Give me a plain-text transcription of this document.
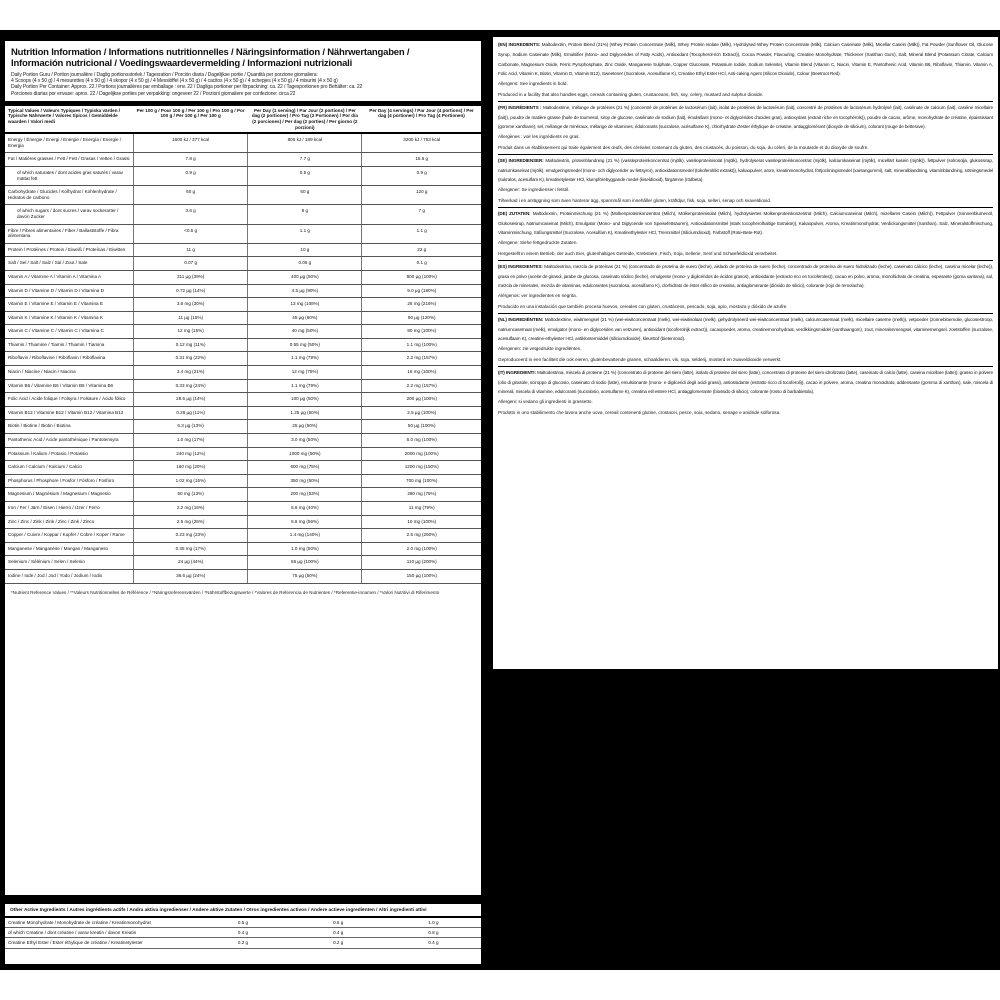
Nutrition Information / Informations nutritionnelles / Näringsinformation / Nährwertangaben /
Información nutricional / Voedingswaardevermelding / Informazioni nutrizionali
Daily Portion Guru / Portion journalière / Daglig portionsstorlek / Tagesration / Porción diaria / Dagelijkse portie / Quantità per porzione giornaliera:
4 Scoops (4 x 50 g) / 4 mesurettes (4 x 50 g) / 4 skopor (4 x 50 g) / 4 Messlöffel (4 x 50 g) / 4 cacitos (4 x 50 g) / 4 schepjes (4 x 50 g) / 4 misurini (4 x 50 g)
Daily Portion Per Container: Approx. 22 / Portions journalières par emballage : env. 22 / Dagliga portioner per förpackning: ca. 22 / Tagesportionen pro Behälter: ca. 22
Porciones diarias por envase: aprox. 22 / Dagelijkse porties per verpakking: ongeveer 22 / Porzioni giornaliere per confezione: circa 22
Typical Values / Valeurs Typiques / Typiska värden / Typische Nährwerte / Valores típicos / Gemiddelde waarden / Valori medi	Per 100 g / Pour 100 g / Per 100 g / Pro 100 g / Por 100 g / Per 100 g / Per 100 g	Per Day (1 serving) / Par Jour (2 portions) / Per dag (2 portioner) / Pro Tag (2 Portionen) / Por día (2 porciones) / Per dag (2 porties) / Per giorno (2 porzioni)	Per Day (4 servings) / Par Jour (4 portions) / Per dag (4 portioner) / Pro Tag (4 Portionen)
Energy / Énergie / Energi / Energie / Energía / Energie / Energia	1600 kJ / 377 kcal	800 kJ / 189 kcal	3200 kJ / 753 kcal
Fat / Matières grasses / Fett / Fett / Grasas / Vetten / Grassi	7.8 g	7.7 g	15.6 g
of which saturates / dont acides gras saturés / varav mättat fett	0.9 g	0.5 g	0.9 g
Carbohydrate / Glucides / Kolhydrat / Kohlenhydrate / Hidratos de carbono	60 g	60 g	120 g
of which sugars / dont sucres / varav sockerarter / davon Zucker	3.6 g	8 g	7 g
Fibre / Fibres alimentaires / Fiber / Ballaststoffe / Fibra alimentaria	<0.5 g	1.1 g	1.1 g
Protein / Protéines / Protein / Eiweiß / Proteínas / Eiwitten	11 g	10 g	22 g
Salt / Sel / Salt / Salz / Sal / Zout / Sale	0.07 g	0.05 g	0.1 g
Vitamin A / Vitamine A / Vitamin A / Vitamina A	311 µg (39%)	400 µg (50%)	800 µg (100%)
Vitamin D / Vitamine D / Vitamin D / Vitamina D	0.72 µg (14%)	4.5 µg (90%)	9.0 µg (180%)
Vitamin E / Vitamine E / Vitamin E / Vitamina E	3.6 mg (30%)	13 mg (108%)	26 mg (216%)
Vitamin K / Vitamine K / Vitamin K / Vitamina K	11 µg (15%)	45 µg (60%)	90 µg (120%)
Vitamin C / Vitamine C / Vitamin C / Vitamina C	12 mg (15%)	40 mg (50%)	80 mg (100%)
Thiamin / Thiamine / Tiamin / Thiamin / Tiamina	0.12 mg (11%)	0.55 mg (50%)	1.1 mg (100%)
Riboflavin / Riboflavine / Riboflavin / Riboflavina	0.31 mg (22%)	1.1 mg (79%)	2.2 mg (157%)
Niacin / Niacine / Niacin / Niacina	3.4 mg (21%)	12 mg (75%)	16 mg (100%)
Vitamin B6 / Vitamine B6 / Vitamin B6 / Vitamina B6	0.33 mg (24%)	1.1 mg (79%)	2.2 mg (157%)
Folic Acid / Acide folique / Folsyra / Folsäure / Ácido fólico	28.5 µg (14%)	100 µg (50%)	200 µg (100%)
Vitamin B12 / Vitamine B12 / Vitamin B12 / Vitamina B12	0.28 µg (11%)	1.25 µg (50%)	2.5 µg (100%)
Biotin / Biotine / Biotin / Biotina	6.3 µg (13%)	25 µg (50%)	50 µg (100%)
Pantothenic Acid / Acide pantothénique / Pantotensyra	1.0 mg (17%)	3.0 mg (50%)	6.0 mg (100%)
Potassium / Kalium / Potasio / Potassio	240 mg (12%)	1000 mg (50%)	2000 mg (100%)
Calcium / Calcium / Kalcium / Calcio	160 mg (20%)	600 mg (75%)	1200 mg (150%)
Phosphorus / Phosphore / Fosfor / Fósforo / Fosforo	1.02 mg (15%)	350 mg (50%)	700 mg (100%)
Magnesium / Magnésium / Magnesium / Magnesio	50 mg (13%)	200 mg (53%)	280 mg (75%)
Iron / Fer / Järn / Eisen / Hierro / IJzer / Ferro	2.2 mg (16%)	5.6 mg (40%)	11 mg (79%)
Zinc / Zinc / Zink / Zink / Zinc / Zink / Zinco	2.5 mg (25%)	5.6 mg (56%)	10 mg (100%)
Copper / Cuivre / Koppar / Kupfer / Cobre / Koper / Rame	0.23 mg (23%)	1.4 mg (140%)	2.5 mg (250%)
Manganese / Manganèse / Mangan / Manganeso	0.35 mg (17%)	1.0 mg (50%)	2.0 mg (100%)
Selenium / Sélénium / Selen / Selenio	24 µg (44%)	55 µg (100%)	110 µg (200%)
Iodine / Iode / Jod / Jod / Yodo / Jodium / Iodio	36.6 µg (24%)	75 µg (50%)	150 µg (100%)
*Nutrient Reference Values / **Valeurs Nutritionnelles de Référence / *Näringsreferensvärden / *Nährstoffbezugswerte / *Valores de Referencia de Nutrientes / *Referentie-innamen / *Valori Nutritivi di Riferimento
Other Active Ingredients / Autres ingrédients actifs / Andra aktiva ingredienser / Andere aktive Zutaten / Otros ingredientes activos / Andere actieve ingrediënten / Altri ingredienti attivi
Creatine Monohydrate / Monohydrate de créatine / Kreatinmonohydrat	0.5 g	0.5 g	1.0 g
of which Creatine / dont créatine / varav kreatin / davon Kreatin	0.4 g	0.4 g	0.8 g
Creatine Ethyl Ester / Ester éthylique de créatine / Kreatinetylester	0.2 g	0.2 g	0.4 g

(EN) INGREDIENTS: Maltodextrin, Protein Blend (21%) (Whey Protein Concentrate (Milk), Whey Protein Isolate (Milk), Hydrolysed Whey Protein Concentrate (Milk), Calcium Caseinate (Milk), Micellar Casein (Milk)), Fat Powder (Sunflower Oil, Glucose Syrup, Sodium Caseinate (Milk), Emulsifier (Mono- and Diglycerides of Fatty Acids), Antioxidant (Tocopherol-rich Extract)), Cocoa Powder, Flavouring, Creatine Monohydrate, Thickener (Xanthan Gum), Salt, Mineral Blend (Potassium Citrate, Calcium Carbonate, Magnesium Oxide, Ferric Pyrophosphate, Zinc Oxide, Manganese Sulphate, Copper Gluconate, Potassium Iodide, Sodium Selenite), Vitamin Blend (Vitamin C, Niacin, Vitamin E, Pantothenic Acid, Vitamin B6, Riboflavin, Thiamin, Vitamin A, Folic Acid, Vitamin K, Biotin, Vitamin D, Vitamin B12), Sweetener (Sucralose, Acesulfame K), Creatine Ethyl Ester HCl, Anti-caking Agent (Silicon Dioxide), Colour (Beetroot Red).

Allergens: See ingredients in bold.
Produced in a facility that also handles eggs, cereals containing gluten, crustaceans, fish, soy, celery, mustard and sulphur dioxide.

(FR) INGRÉDIENTS : Maltodextrine, mélange de protéines (21 %) (concentré de protéines de lactosérum (lait), isolat de protéines de lactosérum (lait), concentré de protéines de lactosérum hydrolysé (lait), caséinate de calcium (lait), caséine micellaire (lait)), poudre de matière grasse (huile de tournesol, sirop de glucose, caséinate de sodium (lait), émulsifiant (mono- et diglycérides d'acides gras), antioxydant (extrait riche en tocophérols)), poudre de cacao, arôme, monohydrate de créatine, épaississant (gomme xanthane), sel, mélange de minéraux, mélange de vitamines, édulcorants (sucralose, acésulfame K), chlorhydrate d'ester éthylique de créatine, antiagglomérant (dioxyde de silicium), colorant (rouge de betterave).

Allergènes : voir les ingrédients en gras.
Produit dans un établissement qui traite également des œufs, des céréales contenant du gluten, des crustacés, du poisson, du soja, du céleri, de la moutarde et du dioxyde de soufre.

(SE) INGREDIENSER: Maltodextrin, proteinblandning (21 %) (vassleproteinkoncentrat (mjölk), vassleproteinisolat (mjölk), hydrolyserat vassleproteinkoncentrat (mjölk), kalciumkaseinat (mjölk), micellärt kasein (mjölk)), fettpulver (solrosolja, glukossirap, natriumkaseinat (mjölk), emulgeringsmedel (mono- och diglycerider av fettsyror), antioxidationsmedel (tokoferolrikt extrakt)), kakaopulver, arom, kreatinmonohydrat, förtjockningsmedel (xantangummi), salt, mineralblandning, vitaminblandning, sötningsmedel (sukralos, acesulfam K), kreatinetylester HCl, klumpförebyggande medel (kiseldioxid), färgämne (rödbeta).

Allergener: Se ingredienser i fetstil.
Tillverkad i en anläggning som även hanterar ägg, spannmål som innehåller gluten, kräftdjur, fisk, soja, selleri, senap och svaveldioxid.

(DE) ZUTATEN: Maltodextrin, Proteinmischung (21 %) (Molkenproteinkonzentrat (Milch), Molkenproteinisolat (Milch), hydrolysiertes Molkenproteinkonzentrat (Milch), Calciumcaseinat (Milch), mizellares Casein (Milch)), Fettpulver (Sonnenblumenöl, Glukosesirup, Natriumcaseinat (Milch), Emulgator (Mono- und Diglyceride von Speisefettsäuren), Antioxidationsmittel (stark tocopherolhaltige Extrakte)), Kakaopulver, Aroma, Kreatinmonohydrat, Verdickungsmittel (Xanthan), Salz, Mineralstoffmischung, Vitaminmischung, Süßungsmittel (Sucralose, Acesulfam K), Kreatinethylester HCl, Trennmittel (Siliciumdioxid), Farbstoff (Rote-Bete-Rot).

Allergene: Siehe fettgedruckte Zutaten.
Hergestellt in einem Betrieb, der auch Eier, glutenhaltiges Getreide, Krebstiere, Fisch, Soja, Sellerie, Senf und Schwefeldioxid verarbeitet.

(ES) INGREDIENTES: Maltodextrina, mezcla de proteínas (21 %) (concentrado de proteína de suero (leche), aislado de proteína de suero (leche), concentrado de proteína de suero hidrolizado (leche), caseinato cálcico (leche), caseína micelar (leche)), grasa en polvo (aceite de girasol, jarabe de glucosa, caseinato sódico (leche), emulgente (mono- y diglicéridos de ácidos grasos), antioxidante (extracto rico en tocoferoles)), cacao en polvo, aroma, monohidrato de creatina, espesante (goma xantana), sal, mezcla de minerales, mezcla de vitaminas, edulcorantes (sucralosa, acesulfamo K), clorhidrato de éster etílico de creatina, antiaglomerante (dióxido de silicio), colorante (rojo de remolacha).

Alérgenos: ver ingredientes en negrita.
Producido en una instalación que también procesa huevos, cereales con gluten, crustáceos, pescado, soja, apio, mostaza y dióxido de azufre.

(NL) INGREDIËNTEN: Maltodextrine, eiwitmengsel (21 %) (wei-eiwitconcentraat (melk), wei-eiwitisolaat (melk), gehydrolyseerd wei-eiwitconcentraat (melk), calciumcaseïnaat (melk), micellaire caseïne (melk)), vetpoeder (zonnebloemolie, glucosestroop, natriumcaseïnaat (melk), emulgator (mono- en diglyceriden van vetzuren), antioxidant (tocoferolrijk extract)), cacaopoeder, aroma, creatinemonohydraat, verdikkingsmiddel (xanthaangom), zout, mineralenmengsel, vitaminemengsel, zoetstoffen (sucralose, acesulfaam K), creatine-ethylester HCl, antiklontermiddel (siliciumdioxide), kleurstof (bietenrood).

Allergenen: zie vetgedrukte ingrediënten.
Geproduceerd in een faciliteit die ook eieren, glutenbevattende granen, schaaldieren, vis, soja, selderij, mosterd en zwaveldioxide verwerkt.

(IT) INGREDIENTI: Maltodestrina, miscela di proteine (21 %) (concentrato di proteine del siero (latte), isolato di proteine del siero (latte), concentrato di proteine del siero idrolizzato (latte), caseinato di calcio (latte), caseina micellare (latte)), grasso in polvere (olio di girasole, sciroppo di glucosio, caseinato di sodio (latte), emulsionante (mono- e digliceridi degli acidi grassi), antiossidante (estratto ricco di tocoferoli)), cacao in polvere, aroma, creatina monoidrato, addensante (gomma di xanthan), sale, miscela di minerali, miscela di vitamine, edulcoranti (sucralosio, acesulfame K), creatina etil estere HCl, antiagglomerante (biossido di silicio), colorante (rosso di barbabietola).

Allergeni: si vedano gli ingredienti in grassetto.
Prodotto in uno stabilimento che lavora anche uova, cereali contenenti glutine, crostacei, pesce, soia, sedano, senape e anidride solforosa.
